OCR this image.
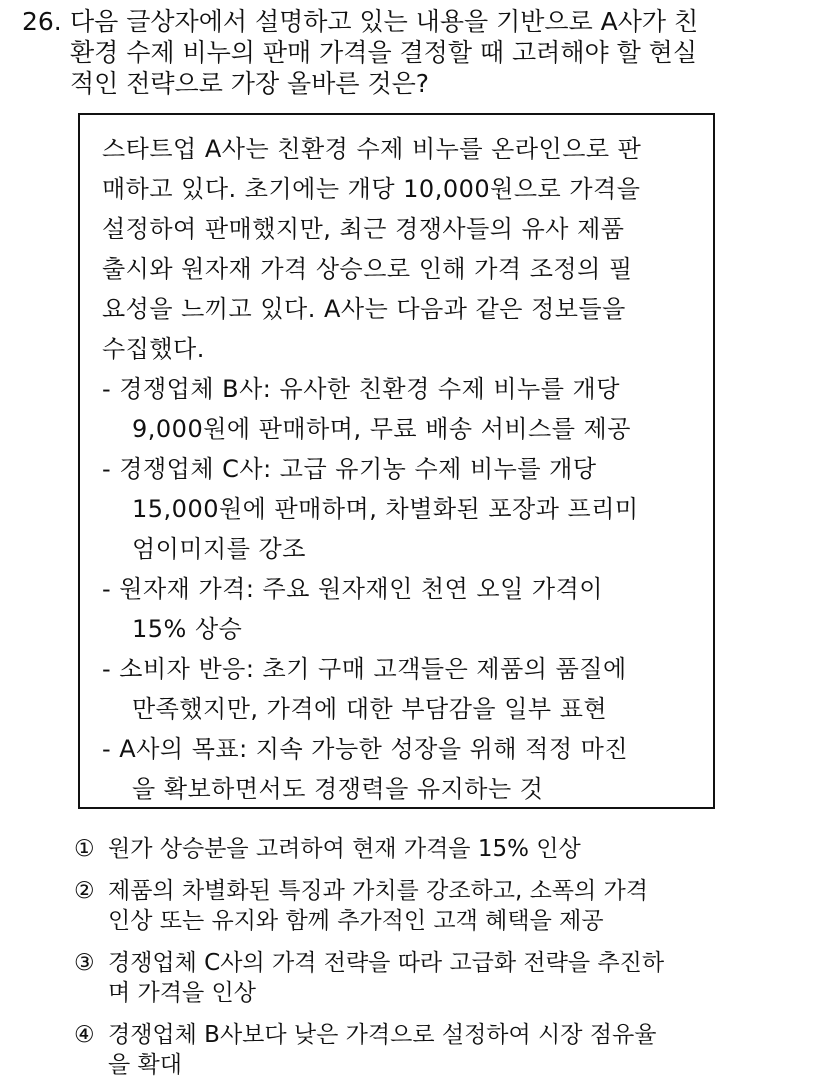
26. 다음 글상자에서 설명하고 있는 내용을 기반으로 A사가 친
환경 수제 비누의 판매 가격을 결정할 때 고려해야 할 현실
적인 전략으로 가장 올바른 것은?
스타트업 A사는 친환경 수제 비누를 온라인으로 판
매하고 있다. 초기에는 개당 10,000원으로 가격을
설정하여 판매했지만, 최근 경쟁사들의 유사 제품
출시와 원자재 가격 상승으로 인해 가격 조정의 필
요성을 느끼고 있다. A사는 다음과 같은 정보들을
수집했다.
- 경쟁업체 B사: 유사한 친환경 수제 비누를 개당
9,000원에 판매하며, 무료 배송 서비스를 제공
- 경쟁업체 C사: 고급 유기농 수제 비누를 개당
15,000원에 판매하며, 차별화된 포장과 프리미
엄이미지를 강조
- 원자재 가격: 주요 원자재인 천연 오일 가격이
15% 상승
- 소비자 반응: 초기 구매 고객들은 제품의 품질에
만족했지만, 가격에 대한 부담감을 일부 표현
- A사의 목표: 지속 가능한 성장을 위해 적정 마진
을 확보하면서도 경쟁력을 유지하는 것
① 원가 상승분을 고려하여 현재 가격을 15% 인상
② 제품의 차별화된 특징과 가치를 강조하고, 소폭의 가격
인상 또는 유지와 함께 추가적인 고객 혜택을 제공
③ 경쟁업체 C사의 가격 전략을 따라 고급화 전략을 추진하
며 가격을 인상
④ 경쟁업체 B사보다 낮은 가격으로 설정하여 시장 점유율
을 확대
